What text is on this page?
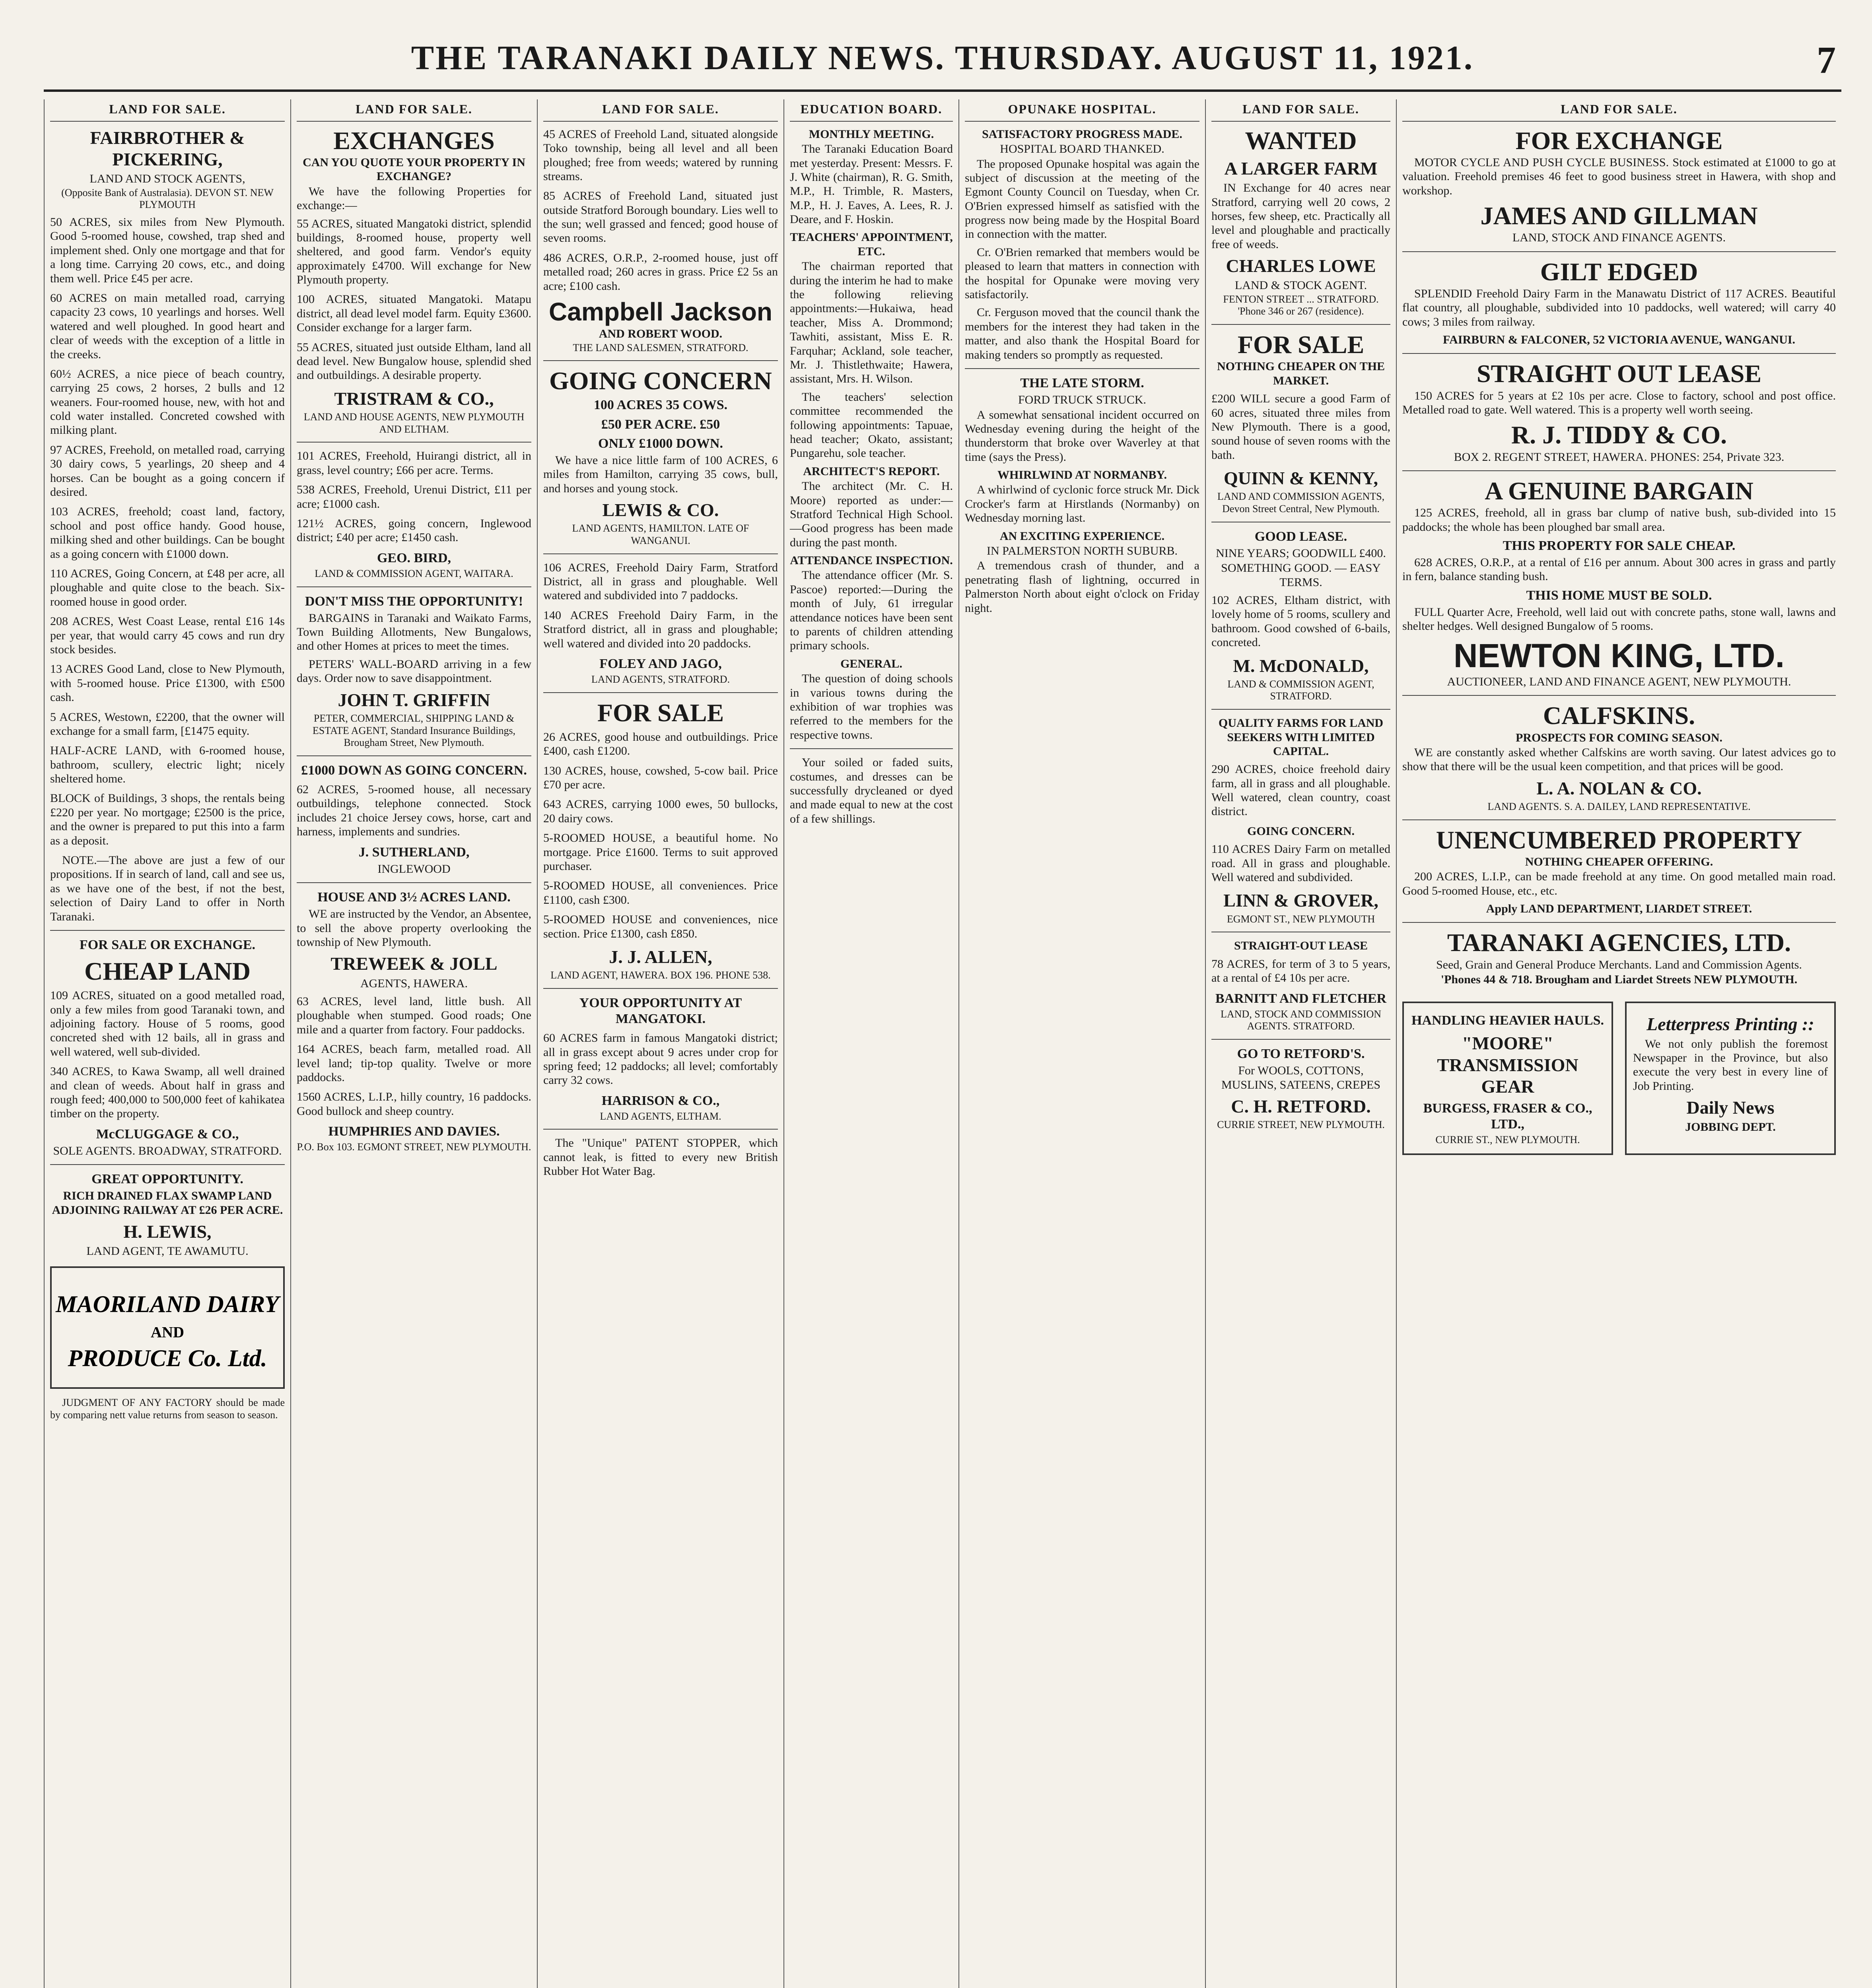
THE TARANAKI DAILY NEWS. THURSDAY. AUGUST 11, 1921.	7
LAND FOR SALE.
FAIRBROTHER & PICKERING,
LAND AND STOCK AGENTS,
(Opposite Bank of Australasia). DEVON ST. NEW PLYMOUTH
50 ACRES, six miles from New Plymouth. Good 5-roomed house, cowshed, trap shed and implement shed. Only one mortgage and that for a long time. Carrying 20 cows, etc., and doing them well. Price £45 per acre.
60 ACRES on main metalled road, carrying capacity 23 cows, 10 yearlings and horses. Well watered and well ploughed. In good heart and clear of weeds with the exception of a little in the creeks.
60½ ACRES, a nice piece of beach country, carrying 25 cows, 2 horses, 2 bulls and 12 weaners. Four-roomed house, new, with hot and cold water installed. Concreted cowshed with milking plant.
97 ACRES, Freehold, on metalled road, carrying 30 dairy cows, 5 yearlings, 20 sheep and 4 horses. Can be bought as a going concern if desired.
103 ACRES, freehold; coast land, factory, school and post office handy. Good house, milking shed and other buildings. Can be bought as a going concern with £1000 down.
110 ACRES, Going Concern, at £48 per acre, all ploughable and quite close to the beach. Six-roomed house in good order.
208 ACRES, West Coast Lease, rental £16 14s per year, that would carry 45 cows and run dry stock besides.
13 ACRES Good Land, close to New Plymouth, with 5-roomed house. Price £1300, with £500 cash.
5 ACRES, Westown, £2200, that the owner will exchange for a small farm, [£1475 equity.
HALF-ACRE LAND, with 6-roomed house, bathroom, scullery, electric light; nicely sheltered home.
BLOCK of Buildings, 3 shops, the rentals being £220 per year. No mortgage; £2500 is the price, and the owner is prepared to put this into a farm as a deposit.
NOTE.—The above are just a few of our propositions. If in search of land, call and see us, as we have one of the best, if not the best, selection of Dairy Land to offer in North Taranaki.
FOR SALE OR EXCHANGE.
CHEAP LAND
109 ACRES, situated on a good metalled road, only a few miles from good Taranaki town, and adjoining factory. House of 5 rooms, good concreted shed with 12 bails, all in grass and well watered, well sub-divided.
340 ACRES, to Kawa Swamp, all well drained and clean of weeds. About half in grass and rough feed; 400,000 to 500,000 feet of kahikatea timber on the property.
McCLUGGAGE & CO.,
SOLE AGENTS. BROADWAY, STRATFORD.
GREAT OPPORTUNITY.
RICH DRAINED FLAX SWAMP LAND ADJOINING RAILWAY AT £26 PER ACRE.
H. LEWIS,
LAND AGENT, TE AWAMUTU.
MAORILAND DAIRY
AND
PRODUCE Co. Ltd.
JUDGMENT OF ANY FACTORY should be made by comparing nett value returns from season to season.
LAND FOR SALE.
EXCHANGES
CAN YOU QUOTE YOUR PROPERTY IN EXCHANGE?
We have the following Properties for exchange:—
55 ACRES, situated Mangatoki district, splendid buildings, 8-roomed house, property well sheltered, and good farm. Vendor's equity approximately £4700. Will exchange for New Plymouth property.
100 ACRES, situated Mangatoki. Matapu district, all dead level model farm. Equity £3600. Consider exchange for a larger farm.
55 ACRES, situated just outside Eltham, land all dead level. New Bungalow house, splendid shed and outbuildings. A desirable property.
TRISTRAM & CO.,
LAND AND HOUSE AGENTS, NEW PLYMOUTH AND ELTHAM.
101 ACRES, Freehold, Huirangi district, all in grass, level country; £66 per acre. Terms.
538 ACRES, Freehold, Urenui District, £11 per acre; £1000 cash.
121½ ACRES, going concern, Inglewood district; £40 per acre; £1450 cash.
GEO. BIRD,
LAND & COMMISSION AGENT, WAITARA.
DON'T MISS THE OPPORTUNITY!
BARGAINS in Taranaki and Waikato Farms, Town Building Allotments, New Bungalows, and other Homes at prices to meet the times.
PETERS' WALL-BOARD arriving in a few days. Order now to save disappointment.
JOHN T. GRIFFIN
PETER, COMMERCIAL, SHIPPING LAND & ESTATE AGENT, Standard Insurance Buildings, Brougham Street, New Plymouth.
£1000 DOWN AS GOING CONCERN.
62 ACRES, 5-roomed house, all necessary outbuildings, telephone connected. Stock includes 21 choice Jersey cows, horse, cart and harness, implements and sundries.
J. SUTHERLAND,
INGLEWOOD
HOUSE AND 3½ ACRES LAND.
WE are instructed by the Vendor, an Absentee, to sell the above property overlooking the township of New Plymouth.
TREWEEK & JOLL
AGENTS, HAWERA.
63 ACRES, level land, little bush. All ploughable when stumped. Good roads; One mile and a quarter from factory. Four paddocks.
164 ACRES, beach farm, metalled road. All level land; tip-top quality. Twelve or more paddocks.
1560 ACRES, L.I.P., hilly country, 16 paddocks. Good bullock and sheep country.
HUMPHRIES AND DAVIES.
P.O. Box 103. EGMONT STREET, NEW PLYMOUTH.
LAND FOR SALE.
45 ACRES of Freehold Land, situated alongside Toko township, being all level and all been ploughed; free from weeds; watered by running streams.
85 ACRES of Freehold Land, situated just outside Stratford Borough boundary. Lies well to the sun; well grassed and fenced; good house of seven rooms.
486 ACRES, O.R.P., 2-roomed house, just off metalled road; 260 acres in grass. Price £2 5s an acre; £100 cash.
Campbell Jackson
AND ROBERT WOOD.
THE LAND SALESMEN, STRATFORD.
GOING CONCERN
100 ACRES 35 COWS.
£50 PER ACRE. £50
ONLY £1000 DOWN.
We have a nice little farm of 100 ACRES, 6 miles from Hamilton, carrying 35 cows, bull, and horses and young stock.
LEWIS & CO.
LAND AGENTS, HAMILTON. LATE OF WANGANUI.
106 ACRES, Freehold Dairy Farm, Stratford District, all in grass and ploughable. Well watered and subdivided into 7 paddocks.
140 ACRES Freehold Dairy Farm, in the Stratford district, all in grass and ploughable; well watered and divided into 20 paddocks.
FOLEY AND JAGO,
LAND AGENTS, STRATFORD.
FOR SALE
26 ACRES, good house and outbuildings. Price £400, cash £1200.
130 ACRES, house, cowshed, 5-cow bail. Price £70 per acre.
643 ACRES, carrying 1000 ewes, 50 bullocks, 20 dairy cows.
5-ROOMED HOUSE, a beautiful home. No mortgage. Price £1600. Terms to suit approved purchaser.
5-ROOMED HOUSE, all conveniences. Price £1100, cash £300.
5-ROOMED HOUSE and conveniences, nice section. Price £1300, cash £850.
J. J. ALLEN,
LAND AGENT, HAWERA. BOX 196. PHONE 538.
YOUR OPPORTUNITY AT MANGATOKI.
60 ACRES farm in famous Mangatoki district; all in grass except about 9 acres under crop for spring feed; 12 paddocks; all level; comfortably carry 32 cows.
HARRISON & CO.,
LAND AGENTS, ELTHAM.
The "Unique" PATENT STOPPER, which cannot leak, is fitted to every new British Rubber Hot Water Bag.
EDUCATION BOARD.
MONTHLY MEETING.
The Taranaki Education Board met yesterday. Present: Messrs. F. J. White (chairman), R. G. Smith, M.P., H. Trimble, R. Masters, M.P., H. J. Eaves, A. Lees, R. J. Deare, and F. Hoskin.
TEACHERS' APPOINTMENT, ETC.
The chairman reported that during the interim he had to make the following relieving appointments:—Hukaiwa, head teacher, Miss A. Drommond; Tawhiti, assistant, Miss E. R. Farquhar; Ackland, sole teacher, Mr. J. Thistlethwaite; Hawera, assistant, Mrs. H. Wilson.
The teachers' selection committee recommended the following appointments: Tapuae, head teacher; Okato, assistant; Pungarehu, sole teacher.
ARCHITECT'S REPORT.
The architect (Mr. C. H. Moore) reported as under:—Stratford Technical High School.—Good progress has been made during the past month.
ATTENDANCE INSPECTION.
The attendance officer (Mr. S. Pascoe) reported:—During the month of July, 61 irregular attendance notices have been sent to parents of children attending primary schools.
GENERAL.
The question of doing schools in various towns during the exhibition of war trophies was referred to the members for the respective towns.
Your soiled or faded suits, costumes, and dresses can be successfully drycleaned or dyed and made equal to new at the cost of a few shillings.
OPUNAKE HOSPITAL.
SATISFACTORY PROGRESS MADE.
HOSPITAL BOARD THANKED.
The proposed Opunake hospital was again the subject of discussion at the meeting of the Egmont County Council on Tuesday, when Cr. O'Brien expressed himself as satisfied with the progress now being made by the Hospital Board in connection with the matter.
Cr. O'Brien remarked that members would be pleased to learn that matters in connection with the hospital for Opunake were moving very satisfactorily.
Cr. Ferguson moved that the council thank the members for the interest they had taken in the matter, and also thank the Hospital Board for making tenders so promptly as requested.
THE LATE STORM.
FORD TRUCK STRUCK.
A somewhat sensational incident occurred on Wednesday evening during the height of the thunderstorm that broke over Waverley at that time (says the Press).
WHIRLWIND AT NORMANBY.
A whirlwind of cyclonic force struck Mr. Dick Crocker's farm at Hirstlands (Normanby) on Wednesday morning last.
AN EXCITING EXPERIENCE.
IN PALMERSTON NORTH SUBURB.
A tremendous crash of thunder, and a penetrating flash of lightning, occurred in Palmerston North about eight o'clock on Friday night.
LAND FOR SALE.
WANTED
A LARGER FARM
IN Exchange for 40 acres near Stratford, carrying well 20 cows, 2 horses, few sheep, etc. Practically all level and ploughable and practically free of weeds.
CHARLES LOWE
LAND & STOCK AGENT.
FENTON STREET ... STRATFORD. 'Phone 346 or 267 (residence).
FOR SALE
NOTHING CHEAPER ON THE MARKET.
£200 WILL secure a good Farm of 60 acres, situated three miles from New Plymouth. There is a good, sound house of seven rooms with the bath.
QUINN & KENNY,
LAND AND COMMISSION AGENTS, Devon Street Central, New Plymouth.
GOOD LEASE.
NINE YEARS; GOODWILL £400.
SOMETHING GOOD. — EASY TERMS.
102 ACRES, Eltham district, with lovely home of 5 rooms, scullery and bathroom. Good cowshed of 6-bails, concreted.
M. McDONALD,
LAND & COMMISSION AGENT, STRATFORD.
QUALITY FARMS FOR LAND SEEKERS WITH LIMITED CAPITAL.
290 ACRES, choice freehold dairy farm, all in grass and all ploughable. Well watered, clean country, coast district.
GOING CONCERN.
110 ACRES Dairy Farm on metalled road. All in grass and ploughable. Well watered and subdivided.
LINN & GROVER,
EGMONT ST., NEW PLYMOUTH
STRAIGHT-OUT LEASE
78 ACRES, for term of 3 to 5 years, at a rental of £4 10s per acre.
BARNITT AND FLETCHER
LAND, STOCK AND COMMISSION AGENTS. STRATFORD.
GO TO RETFORD'S.
For WOOLS, COTTONS, MUSLINS, SATEENS, CREPES
C. H. RETFORD.
CURRIE STREET, NEW PLYMOUTH.
LAND FOR SALE.
FOR EXCHANGE
MOTOR CYCLE AND PUSH CYCLE BUSINESS. Stock estimated at £1000 to go at valuation. Freehold premises 46 feet to good business street in Hawera, with shop and workshop.
JAMES AND GILLMAN
LAND, STOCK AND FINANCE AGENTS.
GILT EDGED
SPLENDID Freehold Dairy Farm in the Manawatu District of 117 ACRES. Beautiful flat country, all ploughable, subdivided into 10 paddocks, well watered; will carry 40 cows; 3 miles from railway.
FAIRBURN & FALCONER, 52 VICTORIA AVENUE, WANGANUI.
STRAIGHT OUT LEASE
150 ACRES for 5 years at £2 10s per acre. Close to factory, school and post office. Metalled road to gate. Well watered. This is a property well worth seeing.
R. J. TIDDY & CO.
BOX 2. REGENT STREET, HAWERA. PHONES: 254, Private 323.
A GENUINE BARGAIN
125 ACRES, freehold, all in grass bar clump of native bush, sub-divided into 15 paddocks; the whole has been ploughed bar small area.
THIS PROPERTY FOR SALE CHEAP.
628 ACRES, O.R.P., at a rental of £16 per annum. About 300 acres in grass and partly in fern, balance standing bush.
THIS HOME MUST BE SOLD.
FULL Quarter Acre, Freehold, well laid out with concrete paths, stone wall, lawns and shelter hedges. Well designed Bungalow of 5 rooms.
NEWTON KING, LTD.
AUCTIONEER, LAND AND FINANCE AGENT, NEW PLYMOUTH.
CALFSKINS.
PROSPECTS FOR COMING SEASON.
WE are constantly asked whether Calfskins are worth saving. Our latest advices go to show that there will be the usual keen competition, and that prices will be good.
L. A. NOLAN & CO.
LAND AGENTS. S. A. DAILEY, LAND REPRESENTATIVE.
UNENCUMBERED PROPERTY
NOTHING CHEAPER OFFERING.
200 ACRES, L.I.P., can be made freehold at any time. On good metalled main road. Good 5-roomed House, etc., etc.
Apply LAND DEPARTMENT, LIARDET STREET.
TARANAKI AGENCIES, LTD.
Seed, Grain and General Produce Merchants. Land and Commission Agents.
'Phones 44 & 718. Brougham and Liardet Streets NEW PLYMOUTH.
HANDLING HEAVIER HAULS.
"MOORE" TRANSMISSION GEAR
BURGESS, FRASER & CO., LTD.,
CURRIE ST., NEW PLYMOUTH.
Letterpress Printing ::
We not only publish the foremost Newspaper in the Province, but also execute the very best in every line of Job Printing.
Daily News
JOBBING DEPT.
